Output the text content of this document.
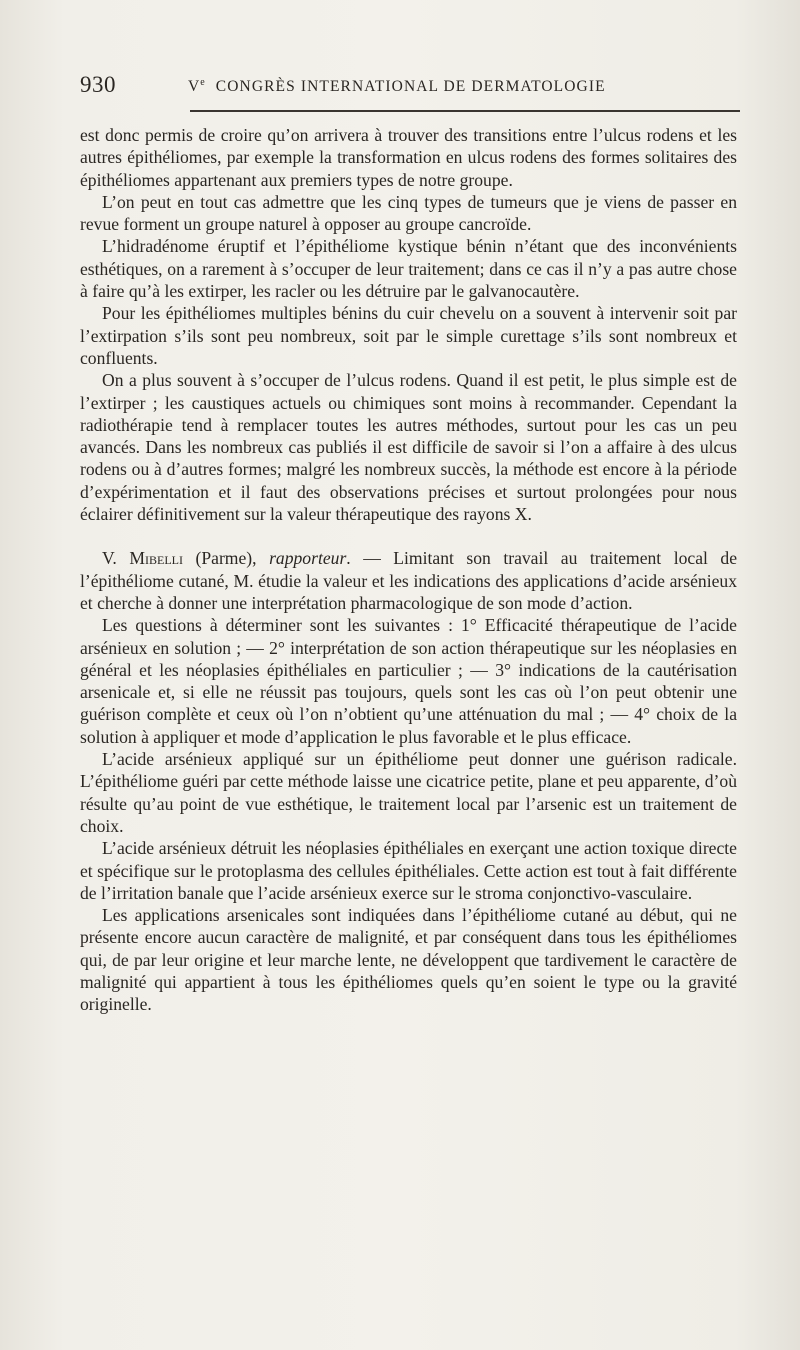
930	Ve CONGRÈS INTERNATIONAL DE DERMATOLOGIE

est donc permis de croire qu’on arrivera à trouver des transitions entre l’ulcus rodens et les autres épithéliomes, par exemple la transformation en ulcus rodens des formes solitaires des épithéliomes appartenant aux premiers types de notre groupe.

L’on peut en tout cas admettre que les cinq types de tumeurs que je viens de passer en revue forment un groupe naturel à opposer au groupe cancroïde.

L’hidradénome éruptif et l’épithéliome kystique bénin n’étant que des inconvénients esthétiques, on a rarement à s’occuper de leur traitement; dans ce cas il n’y a pas autre chose à faire qu’à les extirper, les racler ou les détruire par le galvanocautère.

Pour les épithéliomes multiples bénins du cuir chevelu on a souvent à intervenir soit par l’extirpation s’ils sont peu nombreux, soit par le simple curettage s’ils sont nombreux et confluents.

On a plus souvent à s’occuper de l’ulcus rodens. Quand il est petit, le plus simple est de l’extirper ; les caustiques actuels ou chimiques sont moins à recommander. Cependant la radiothérapie tend à remplacer toutes les autres méthodes, surtout pour les cas un peu avancés. Dans les nombreux cas publiés il est difficile de savoir si l’on a affaire à des ulcus rodens ou à d’autres formes; malgré les nombreux succès, la méthode est encore à la période d’expérimentation et il faut des observations précises et surtout prolongées pour nous éclairer définitivement sur la valeur thérapeutique des rayons X.

V. Mibelli (Parme), rapporteur. — Limitant son travail au traitement local de l’épithéliome cutané, M. étudie la valeur et les indications des applications d’acide arsénieux et cherche à donner une interprétation pharmacologique de son mode d’action.

Les questions à déterminer sont les suivantes : 1° Efficacité thérapeutique de l’acide arsénieux en solution ; — 2° interprétation de son action thérapeutique sur les néoplasies en général et les néoplasies épithéliales en particulier ; — 3° indications de la cautérisation arsenicale et, si elle ne réussit pas toujours, quels sont les cas où l’on peut obtenir une guérison complète et ceux où l’on n’obtient qu’une atténuation du mal ; — 4° choix de la solution à appliquer et mode d’application le plus favorable et le plus efficace.

L’acide arsénieux appliqué sur un épithéliome peut donner une guérison radicale. L’épithéliome guéri par cette méthode laisse une cicatrice petite, plane et peu apparente, d’où résulte qu’au point de vue esthétique, le traitement local par l’arsenic est un traitement de choix.

L’acide arsénieux détruit les néoplasies épithéliales en exerçant une action toxique directe et spécifique sur le protoplasma des cellules épithéliales. Cette action est tout à fait différente de l’irritation banale que l’acide arsénieux exerce sur le stroma conjonctivo-vasculaire.

Les applications arsenicales sont indiquées dans l’épithéliome cutané au début, qui ne présente encore aucun caractère de malignité, et par conséquent dans tous les épithéliomes qui, de par leur origine et leur marche lente, ne développent que tardivement le caractère de malignité qui appartient à tous les épithéliomes quels qu’en soient le type ou la gravité originelle.
